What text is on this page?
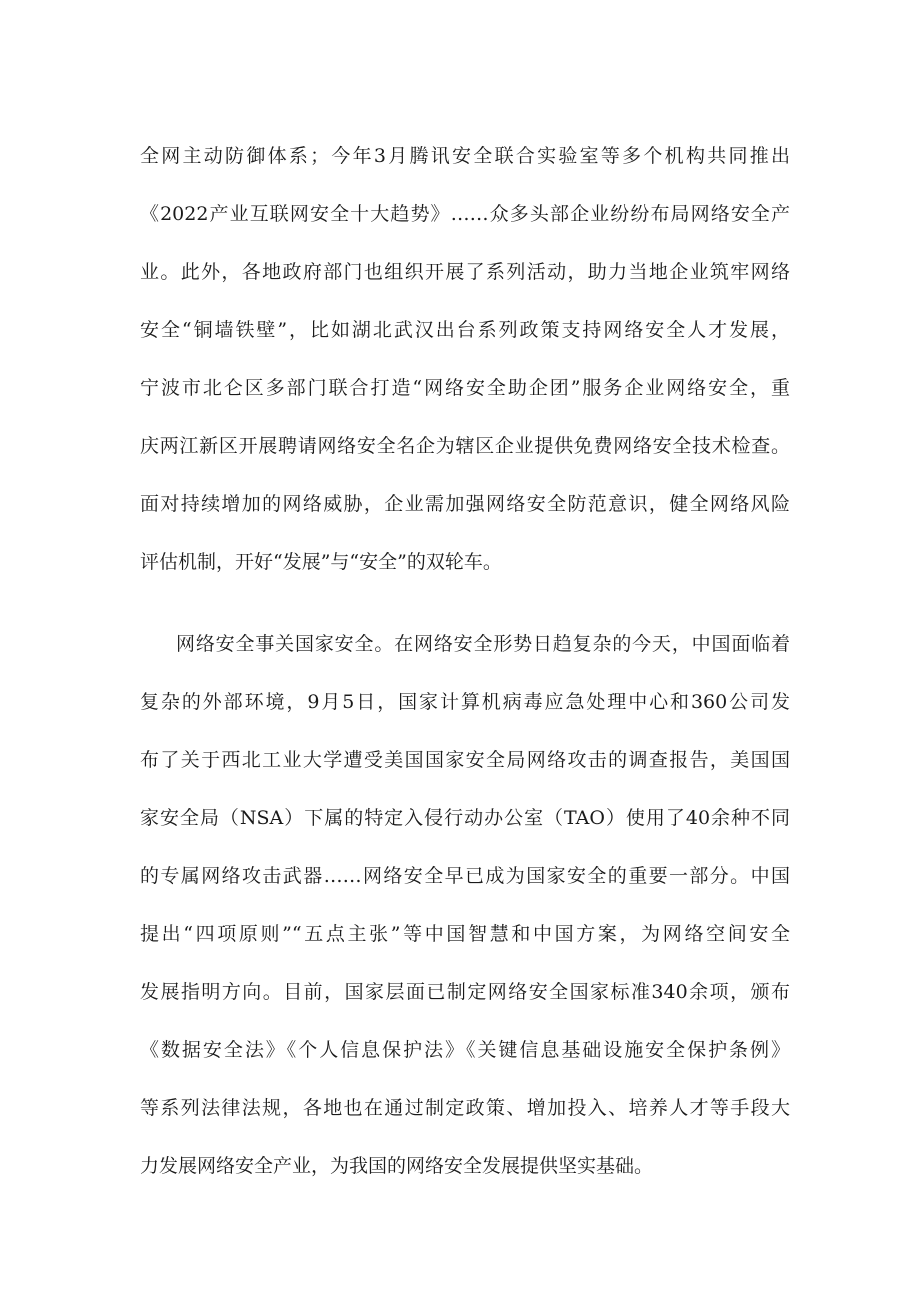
全网主动防御体系；今年3月腾讯安全联合实验室等多个机构共同推出
《2022产业互联网安全十大趋势》……众多头部企业纷纷布局网络安全产
业。此外，各地政府部门也组织开展了系列活动，助力当地企业筑牢网络
安全“铜墙铁壁”，比如湖北武汉出台系列政策支持网络安全人才发展，
宁波市北仑区多部门联合打造“网络安全助企团”服务企业网络安全，重
庆两江新区开展聘请网络安全名企为辖区企业提供免费网络安全技术检查。
面对持续增加的网络威胁，企业需加强网络安全防范意识，健全网络风险
评估机制，开好“发展”与“安全”的双轮车。
网络安全事关国家安全。在网络安全形势日趋复杂的今天，中国面临着
复杂的外部环境，9月5日，国家计算机病毒应急处理中心和360公司发
布了关于西北工业大学遭受美国国家安全局网络攻击的调查报告，美国国
家安全局（NSA）下属的特定入侵行动办公室（TAO）使用了40余种不同
的专属网络攻击武器……网络安全早已成为国家安全的重要一部分。中国
提出“四项原则”“五点主张”等中国智慧和中国方案，为网络空间安全
发展指明方向。目前，国家层面已制定网络安全国家标准340余项，颁布
《数据安全法》《个人信息保护法》《关键信息基础设施安全保护条例》
等系列法律法规，各地也在通过制定政策、增加投入、培养人才等手段大
力发展网络安全产业，为我国的网络安全发展提供坚实基础。
